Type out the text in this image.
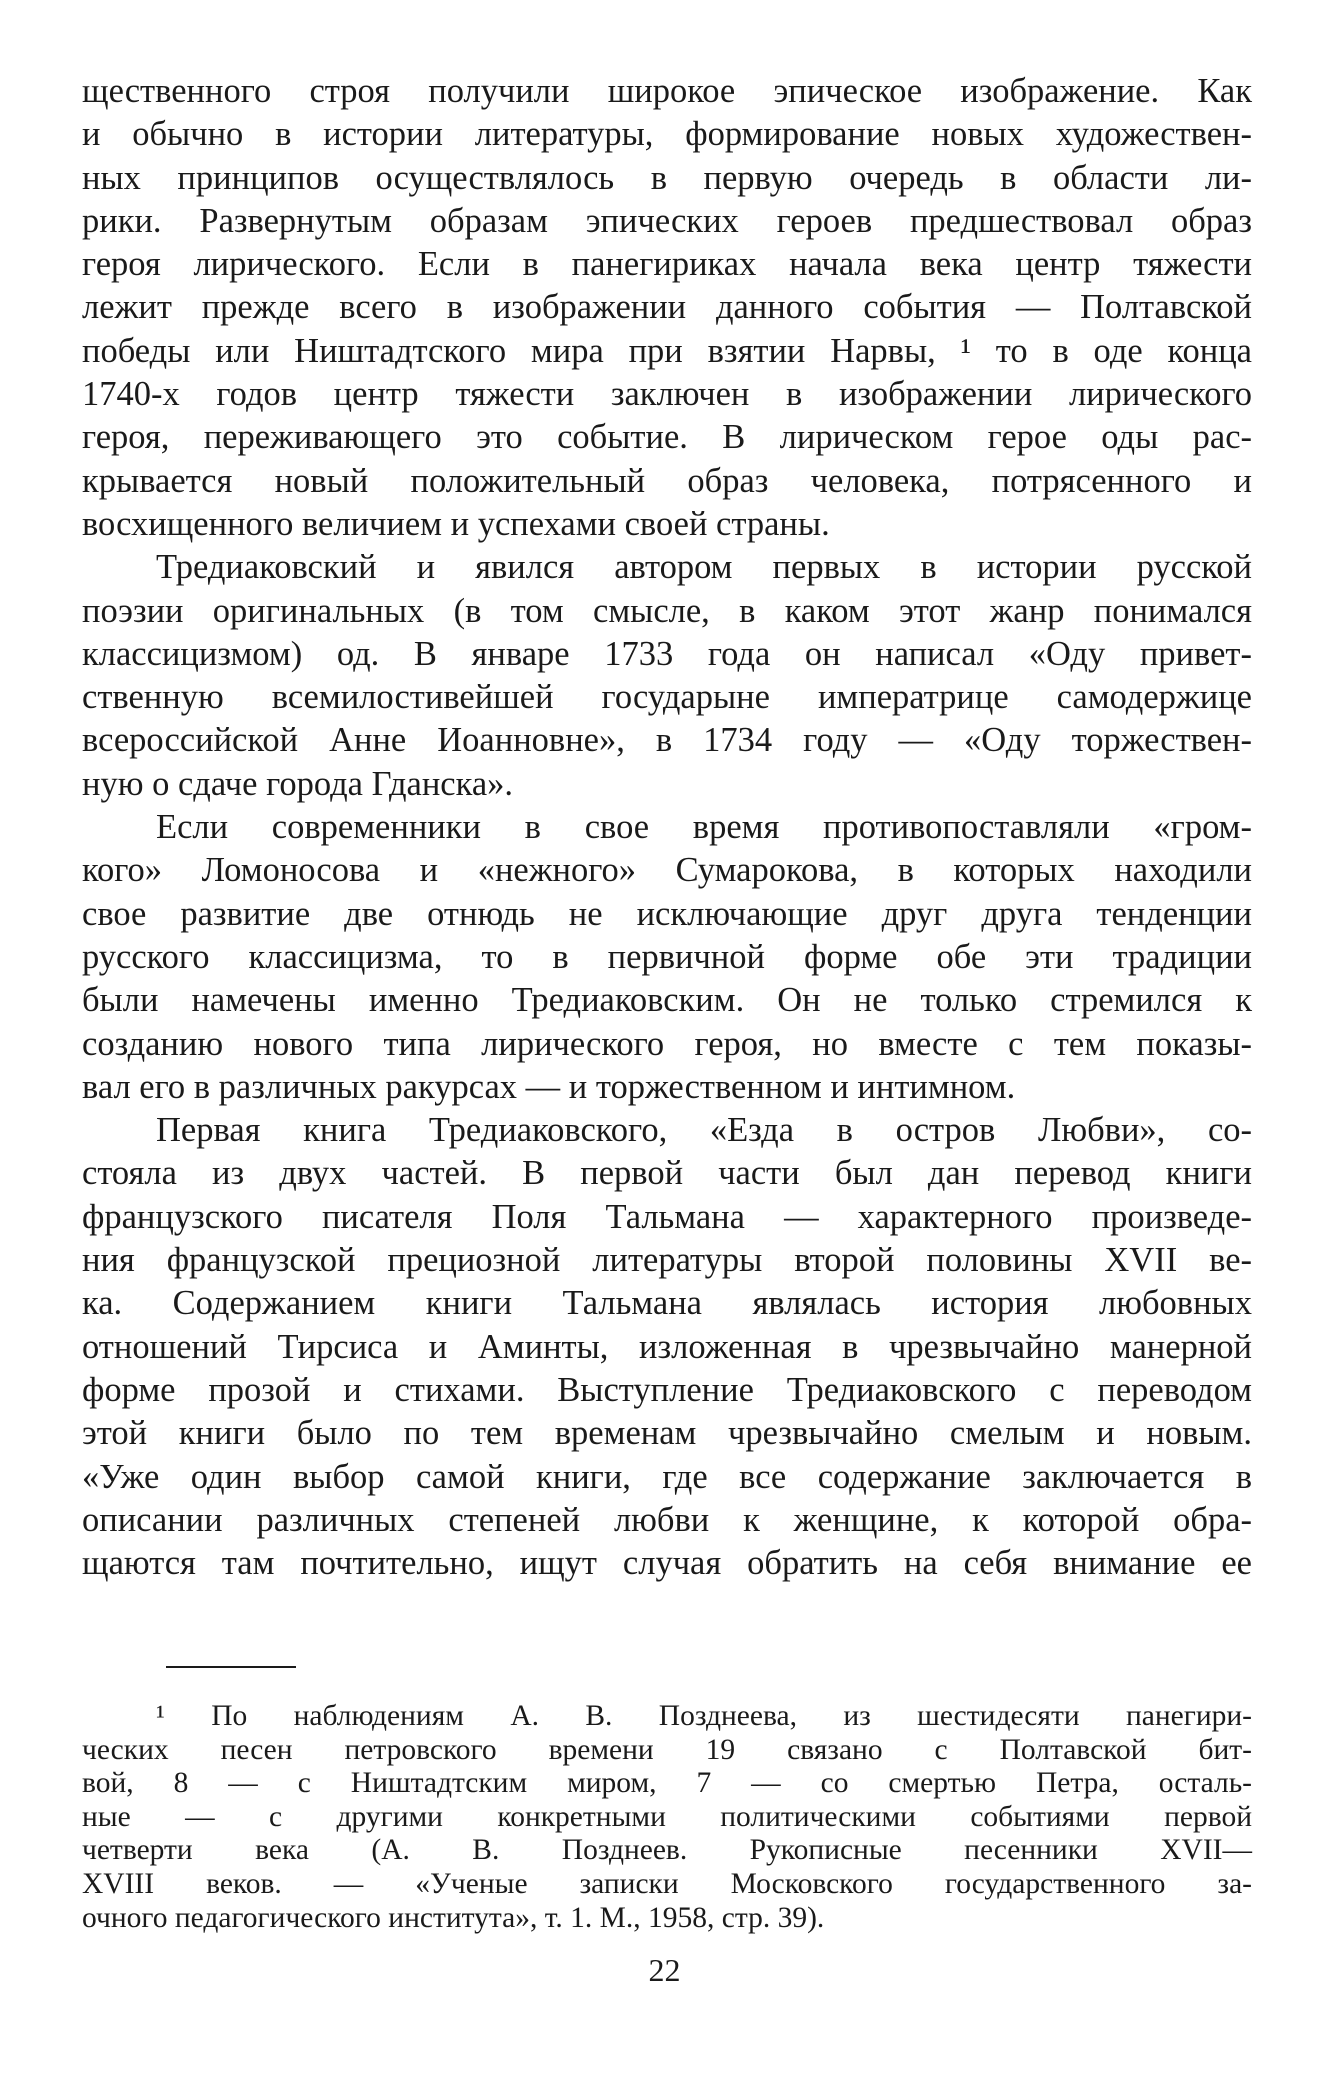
щественного строя получили широкое эпическое изображение. Как
и обычно в истории литературы, формирование новых художествен-
ных принципов осуществлялось в первую очередь в области ли-
рики. Развернутым образам эпических героев предшествовал образ
героя лирического. Если в панегириках начала века центр тяжести
лежит прежде всего в изображении данного события — Полтавской
победы или Ништадтского мира при взятии Нарвы, ¹ то в оде конца
1740-х годов центр тяжести заключен в изображении лирического
героя, переживающего это событие. В лирическом герое оды рас-
крывается новый положительный образ человека, потрясенного и
восхищенного величием и успехами своей страны.
Тредиаковский и явился автором первых в истории русской
поэзии оригинальных (в том смысле, в каком этот жанр понимался
классицизмом) од. В январе 1733 года он написал «Оду привет-
ственную всемилостивейшей государыне императрице самодержице
всероссийской Анне Иоанновне», в 1734 году — «Оду торжествен-
ную о сдаче города Гданска».
Если современники в свое время противопоставляли «гром-
кого» Ломоносова и «нежного» Сумарокова, в которых находили
свое развитие две отнюдь не исключающие друг друга тенденции
русского классицизма, то в первичной форме обе эти традиции
были намечены именно Тредиаковским. Он не только стремился к
созданию нового типа лирического героя, но вместе с тем показы-
вал его в различных ракурсах — и торжественном и интимном.
Первая книга Тредиаковского, «Езда в остров Любви», со-
стояла из двух частей. В первой части был дан перевод книги
французского писателя Поля Тальмана — характерного произведе-
ния французской прециозной литературы второй половины XVII ве-
ка. Содержанием книги Тальмана являлась история любовных
отношений Тирсиса и Аминты, изложенная в чрезвычайно манерной
форме прозой и стихами. Выступление Тредиаковского с переводом
этой книги было по тем временам чрезвычайно смелым и новым.
«Уже один выбор самой книги, где все содержание заключается в
описании различных степеней любви к женщине, к которой обра-
щаются там почтительно, ищут случая обратить на себя внимание ее
¹ По наблюдениям А. В. Позднеева, из шестидесяти панегири-
ческих песен петровского времени 19 связано с Полтавской бит-
вой, 8 — с Ништадтским миром, 7 — со смертью Петра, осталь-
ные — с другими конкретными политическими событиями первой
четверти века (А. В. Позднеев. Рукописные песенники XVII—
XVIII веков. — «Ученые записки Московского государственного за-
очного педагогического института», т. 1. М., 1958, стр. 39).
22
